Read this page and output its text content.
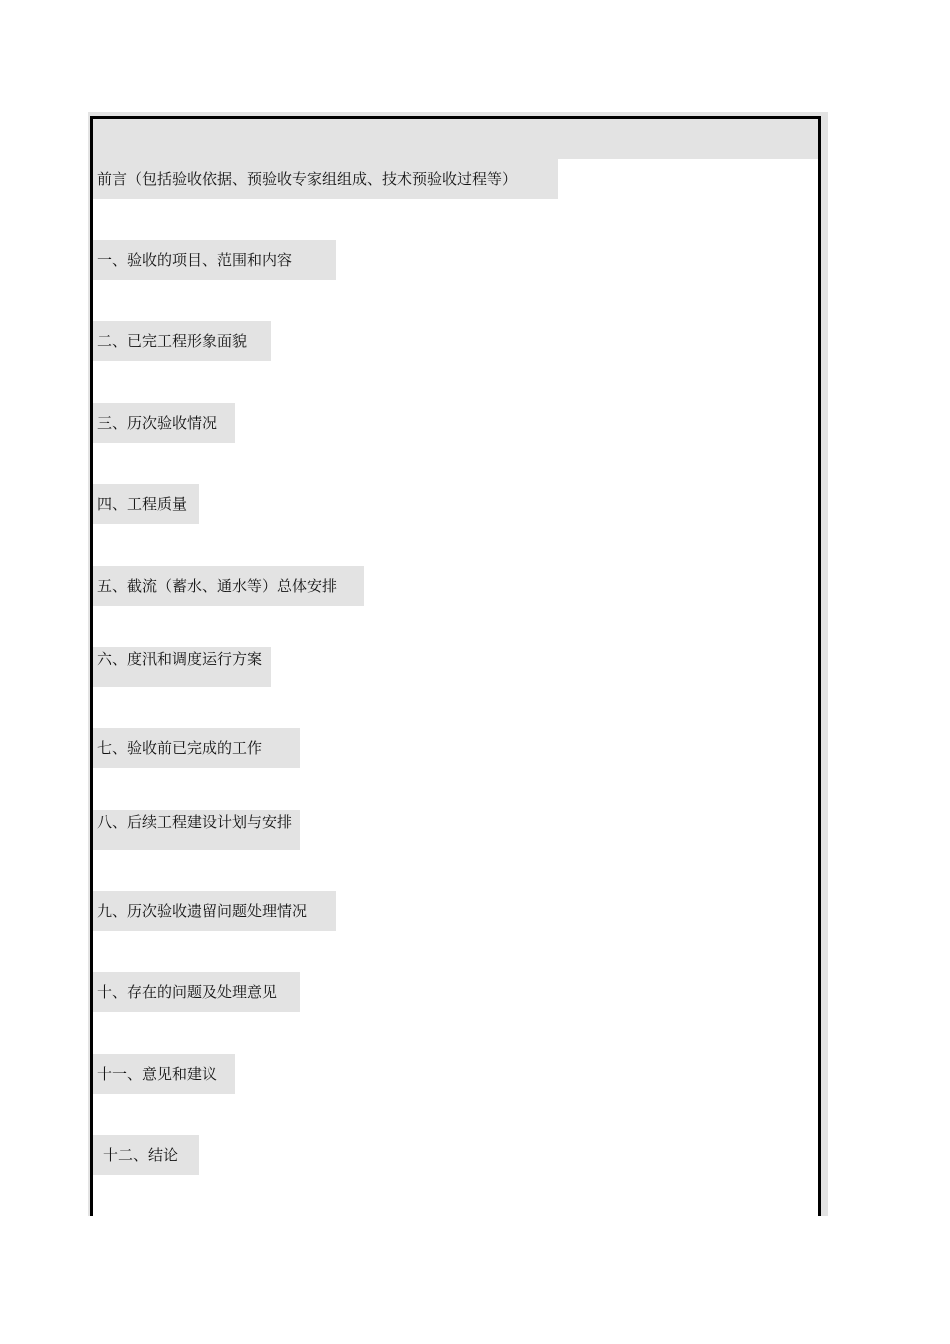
前言（包括验收依据、预验收专家组组成、技术预验收过程等）
一、验收的项目、范围和内容
二、已完工程形象面貌
三、历次验收情况
四、工程质量
五、截流（蓄水、通水等）总体安排
六、度汛和调度运行方案
七、验收前已完成的工作
八、后续工程建设计划与安排
九、历次验收遗留问题处理情况
十、存在的问题及处理意见
十一、意见和建议
十二、结论
